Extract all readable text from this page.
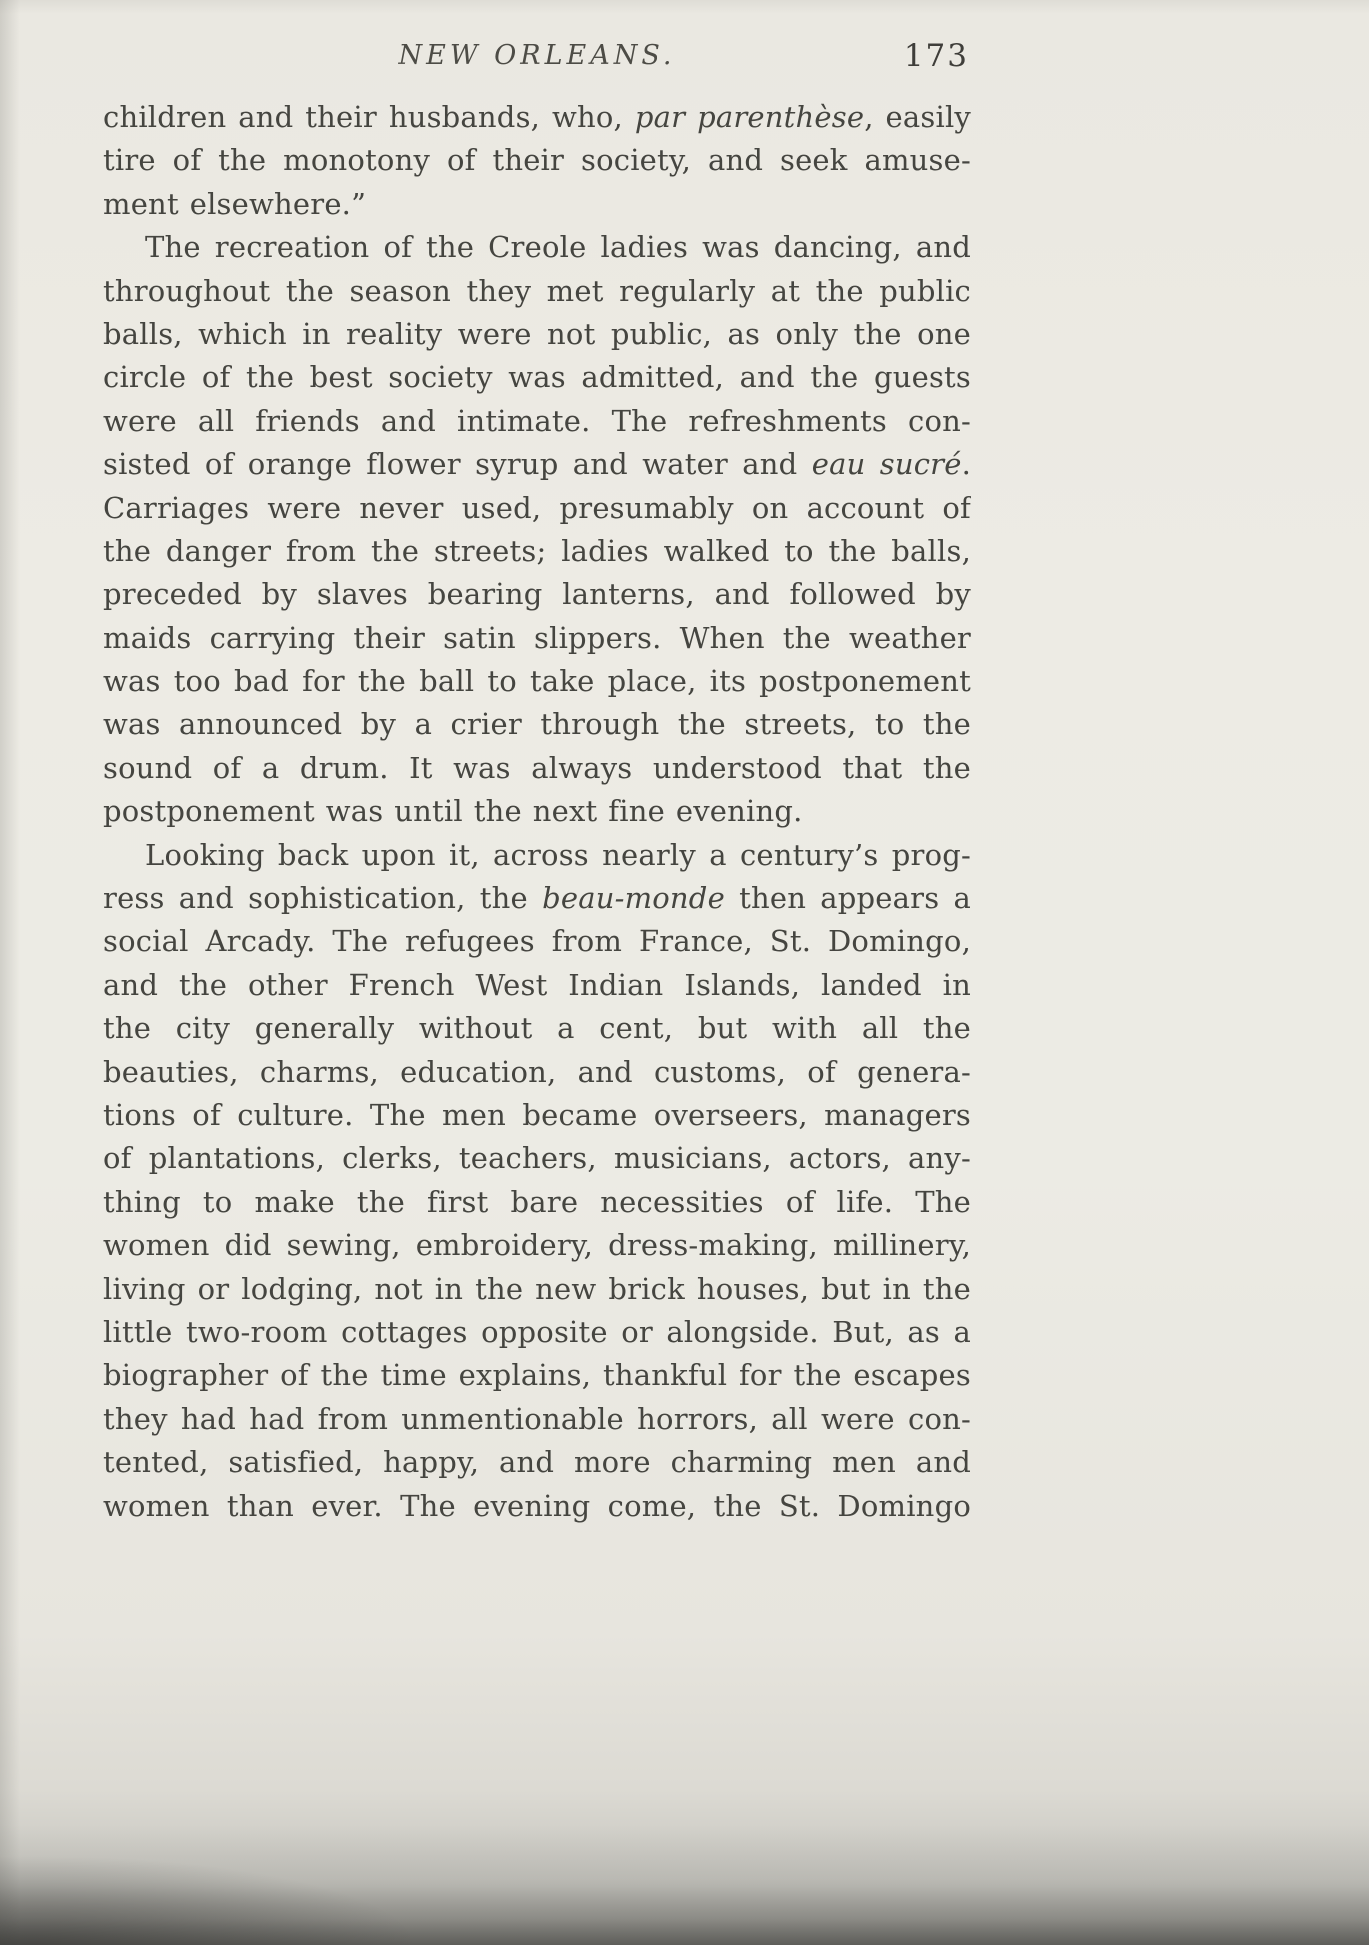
NEW ORLEANS.	173
children and their husbands, who, par parenthèse, easily
tire of the monotony of their society, and seek amuse-
ment elsewhere.”
The recreation of the Creole ladies was dancing, and
throughout the season they met regularly at the public
balls, which in reality were not public, as only the one
circle of the best society was admitted, and the guests
were all friends and intimate. The refreshments con-
sisted of orange flower syrup and water and eau sucré.
Carriages were never used, presumably on account of
the danger from the streets; ladies walked to the balls,
preceded by slaves bearing lanterns, and followed by
maids carrying their satin slippers. When the weather
was too bad for the ball to take place, its postponement
was announced by a crier through the streets, to the
sound of a drum. It was always understood that the
postponement was until the next fine evening.
Looking back upon it, across nearly a century’s prog-
ress and sophistication, the beau-monde then appears a
social Arcady. The refugees from France, St. Domingo,
and the other French West Indian Islands, landed in
the city generally without a cent, but with all the
beauties, charms, education, and customs, of genera-
tions of culture. The men became overseers, managers
of plantations, clerks, teachers, musicians, actors, any-
thing to make the first bare necessities of life. The
women did sewing, embroidery, dress-making, millinery,
living or lodging, not in the new brick houses, but in the
little two-room cottages opposite or alongside. But, as a
biographer of the time explains, thankful for the escapes
they had had from unmentionable horrors, all were con-
tented, satisfied, happy, and more charming men and
women than ever. The evening come, the St. Domingo
